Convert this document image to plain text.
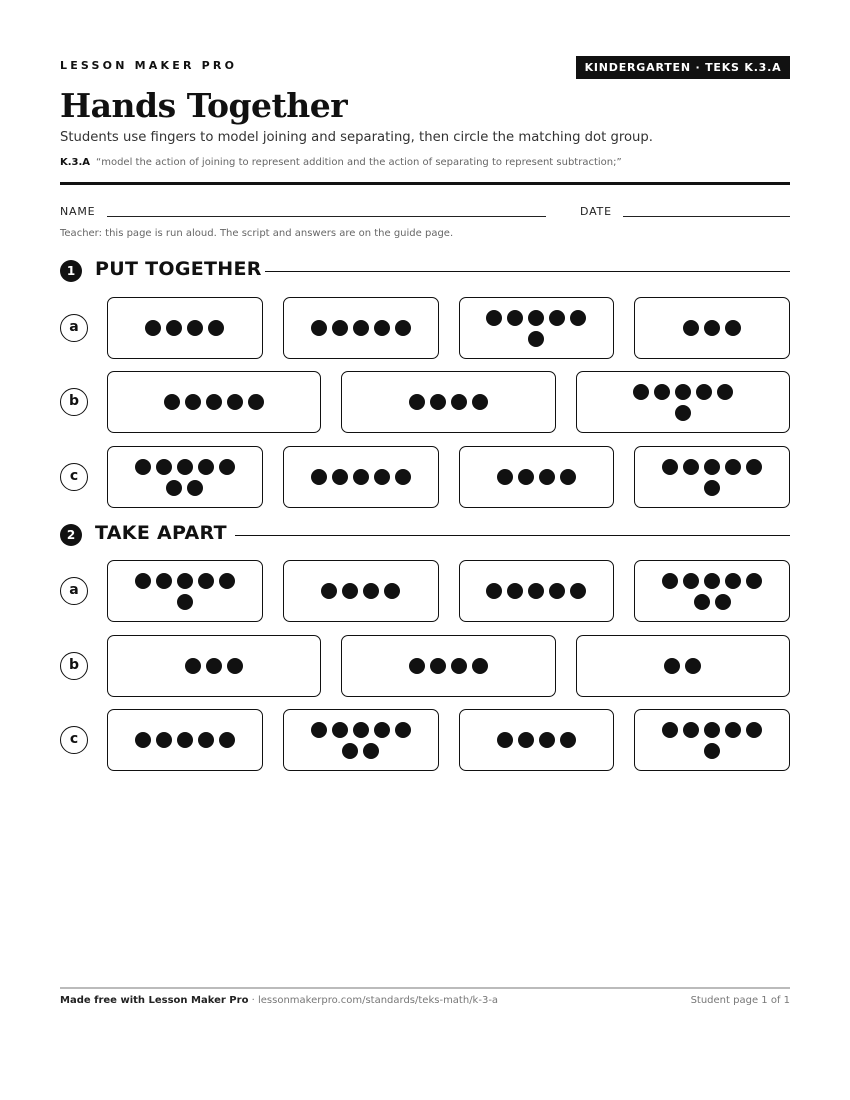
LESSON MAKER PRO	KINDERGARTEN · TEKS K.3.A
Hands Together
Students use fingers to model joining and separating, then circle the matching dot group.
K.3.A “model the action of joining to represent addition and the action of separating to represent subtraction;”
NAME	DATE
Teacher: this page is run aloud. The script and answers are on the guide page.
1	PUT TOGETHER
a
b
c
2	TAKE APART
a
b
c
Made free with Lesson Maker Pro · lessonmakerpro.com/standards/teks-math/k-3-a	Student page 1 of 1
